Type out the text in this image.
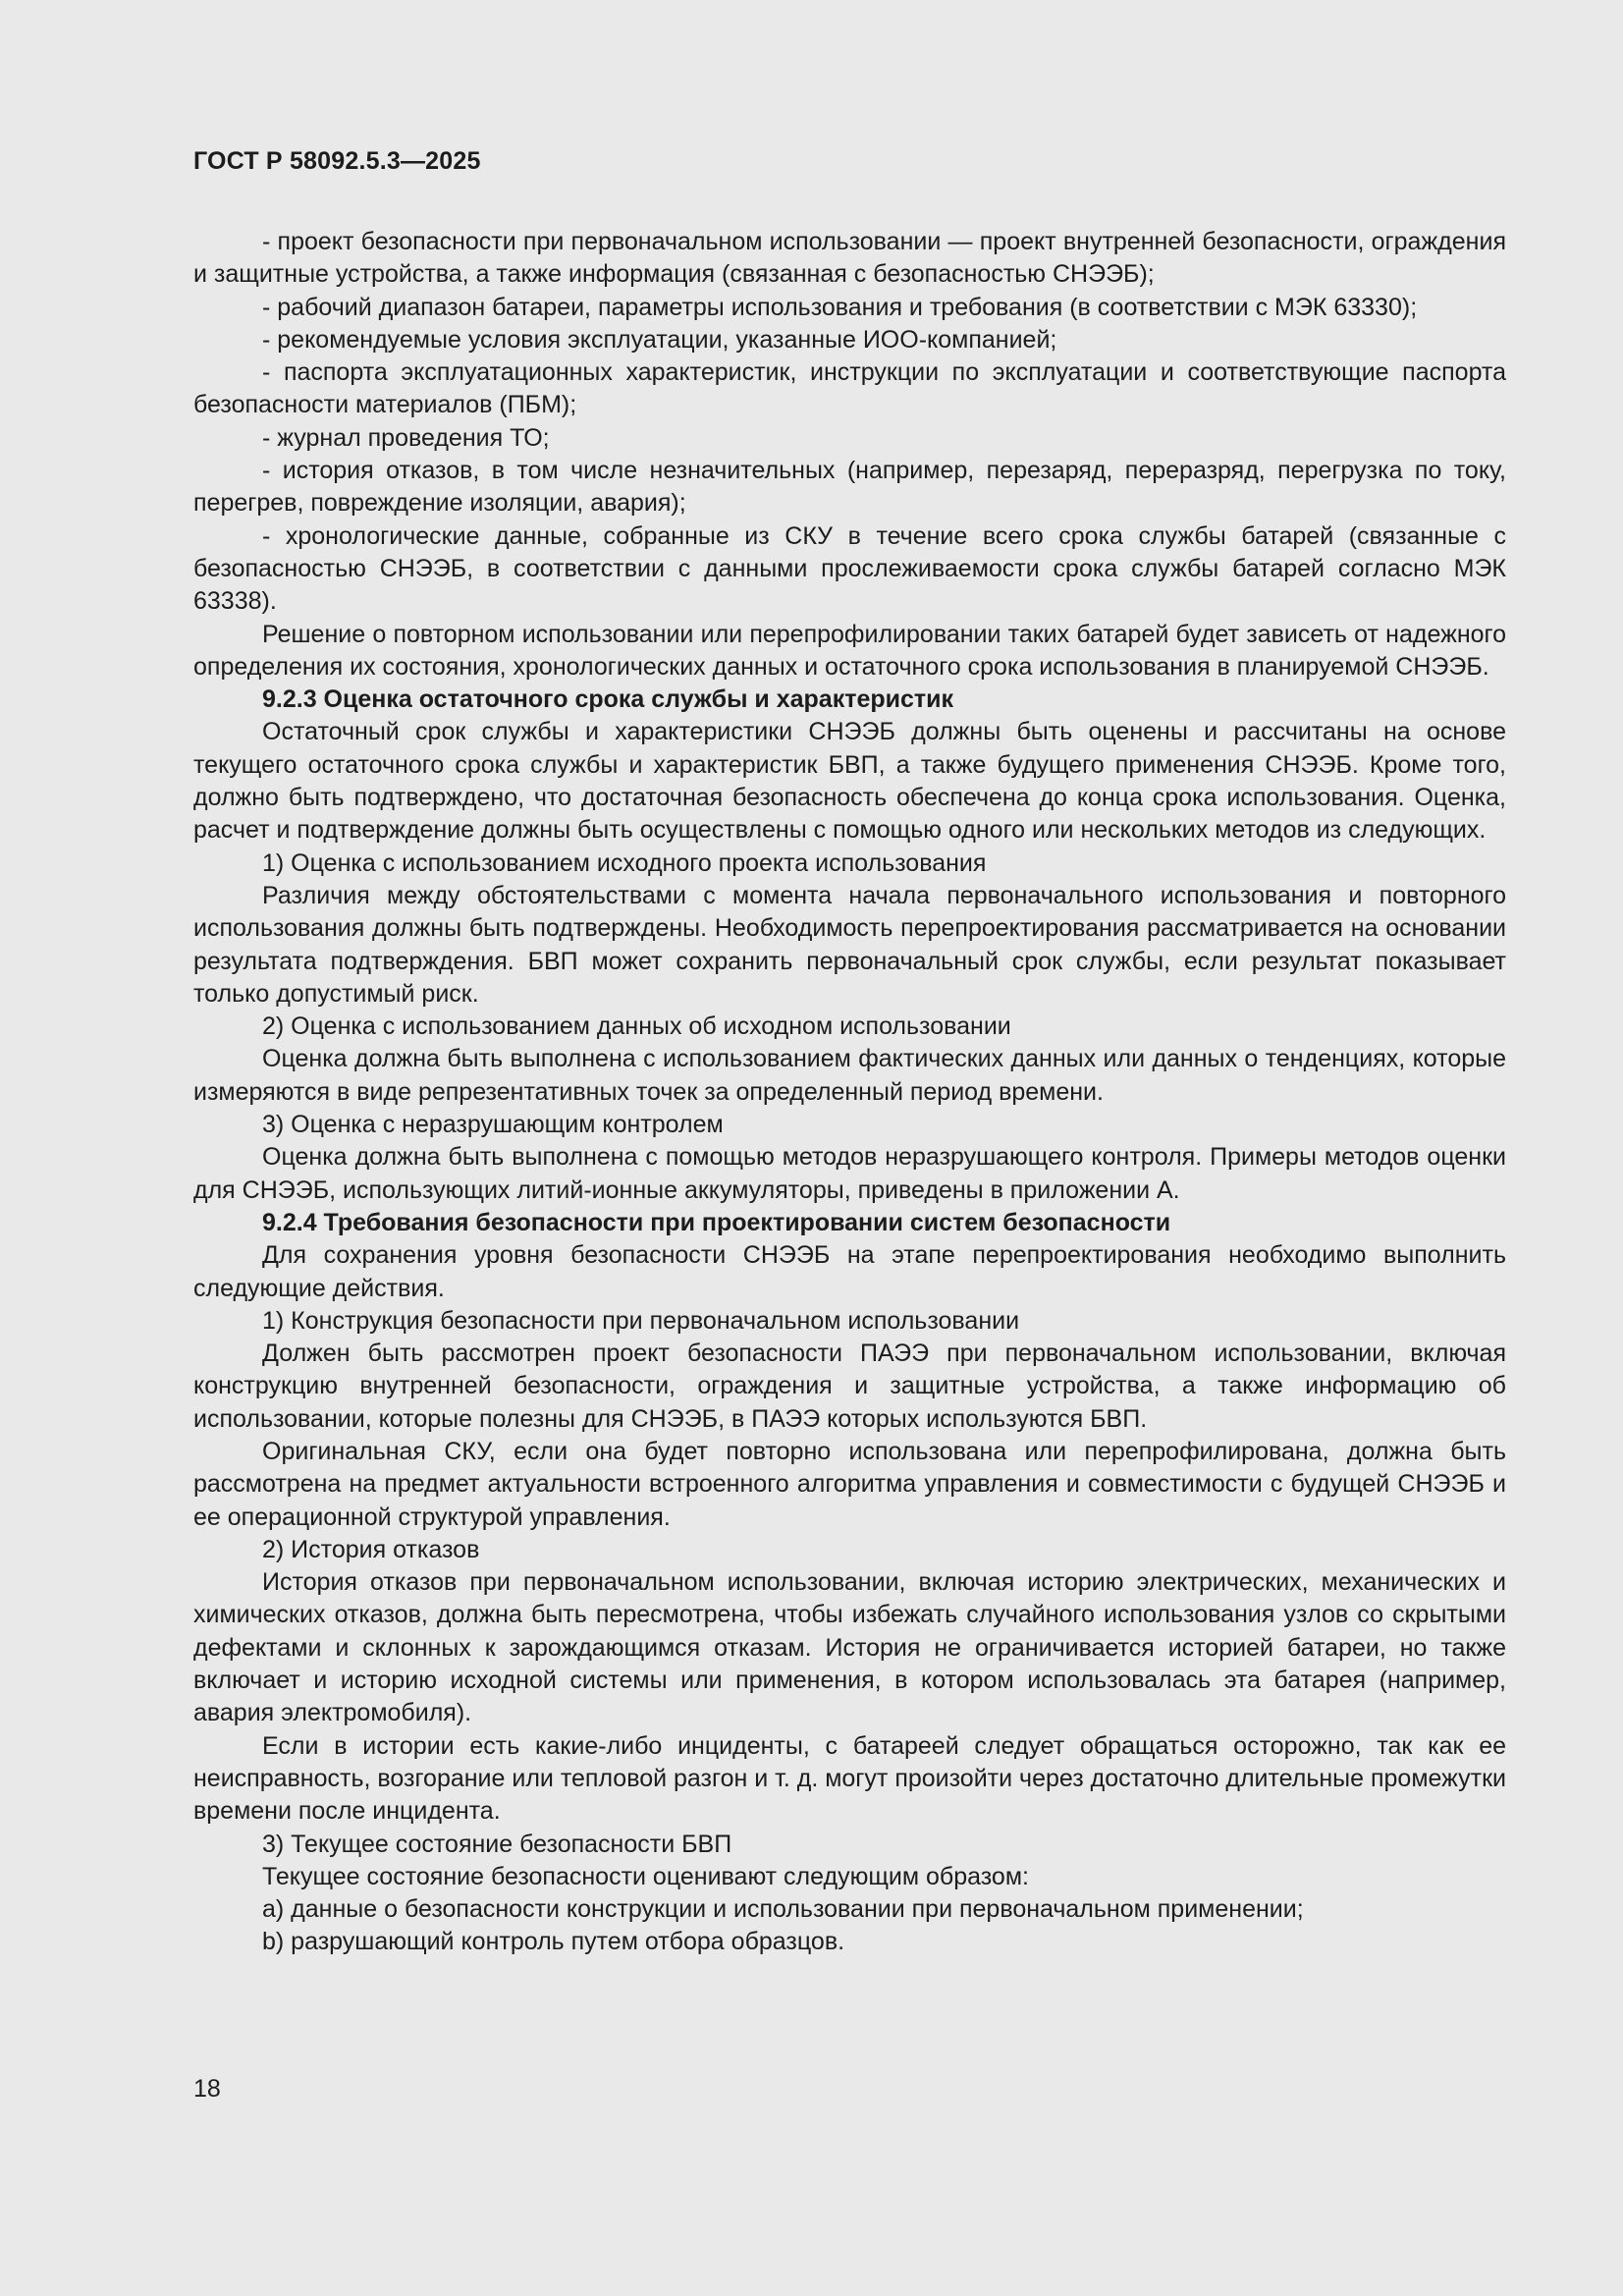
ГОСТ Р 58092.5.3—2025

- проект безопасности при первоначальном использовании — проект внутренней безопасности, ограждения и защитные устройства, а также информация (связанная с безопасностью СНЭЭБ);

- рабочий диапазон батареи, параметры использования и требования (в соответствии с МЭК 63330);

- рекомендуемые условия эксплуатации, указанные ИОО-компанией;

- паспорта эксплуатационных характеристик, инструкции по эксплуатации и соответствующие паспорта безопасности материалов (ПБМ);

- журнал проведения ТО;

- история отказов, в том числе незначительных (например, перезаряд, переразряд, перегрузка по току, перегрев, повреждение изоляции, авария);

- хронологические данные, собранные из СКУ в течение всего срока службы батарей (связанные с безопасностью СНЭЭБ, в соответствии с данными прослеживаемости срока службы батарей согласно МЭК 63338).

Решение о повторном использовании или перепрофилировании таких батарей будет зависеть от надежного определения их состояния, хронологических данных и остаточного срока использования в планируемой СНЭЭБ.

9.2.3 Оценка остаточного срока службы и характеристик

Остаточный срок службы и характеристики СНЭЭБ должны быть оценены и рассчитаны на основе текущего остаточного срока службы и характеристик БВП, а также будущего применения СНЭЭБ. Кроме того, должно быть подтверждено, что достаточная безопасность обеспечена до конца срока использования. Оценка, расчет и подтверждение должны быть осуществлены с помощью одного или нескольких методов из следующих.

1) Оценка с использованием исходного проекта использования

Различия между обстоятельствами с момента начала первоначального использования и повторного использования должны быть подтверждены. Необходимость перепроектирования рассматривается на основании результата подтверждения. БВП может сохранить первоначальный срок службы, если результат показывает только допустимый риск.

2) Оценка с использованием данных об исходном использовании

Оценка должна быть выполнена с использованием фактических данных или данных о тенденциях, которые измеряются в виде репрезентативных точек за определенный период времени.

3) Оценка с неразрушающим контролем

Оценка должна быть выполнена с помощью методов неразрушающего контроля. Примеры методов оценки для СНЭЭБ, использующих литий-ионные аккумуляторы, приведены в приложении А.

9.2.4 Требования безопасности при проектировании систем безопасности

Для сохранения уровня безопасности СНЭЭБ на этапе перепроектирования необходимо выполнить следующие действия.

1) Конструкция безопасности при первоначальном использовании

Должен быть рассмотрен проект безопасности ПАЭЭ при первоначальном использовании, включая конструкцию внутренней безопасности, ограждения и защитные устройства, а также информацию об использовании, которые полезны для СНЭЭБ, в ПАЭЭ которых используются БВП.

Оригинальная СКУ, если она будет повторно использована или перепрофилирована, должна быть рассмотрена на предмет актуальности встроенного алгоритма управления и совместимости с будущей СНЭЭБ и ее операционной структурой управления.

2) История отказов

История отказов при первоначальном использовании, включая историю электрических, механических и химических отказов, должна быть пересмотрена, чтобы избежать случайного использования узлов со скрытыми дефектами и склонных к зарождающимся отказам. История не ограничивается историей батареи, но также включает и историю исходной системы или применения, в котором использовалась эта батарея (например, авария электромобиля).

Если в истории есть какие-либо инциденты, с батареей следует обращаться осторожно, так как ее неисправность, возгорание или тепловой разгон и т. д. могут произойти через достаточно длительные промежутки времени после инцидента.

3) Текущее состояние безопасности БВП

Текущее состояние безопасности оценивают следующим образом:

а) данные о безопасности конструкции и использовании при первоначальном применении;

b) разрушающий контроль путем отбора образцов.

18
